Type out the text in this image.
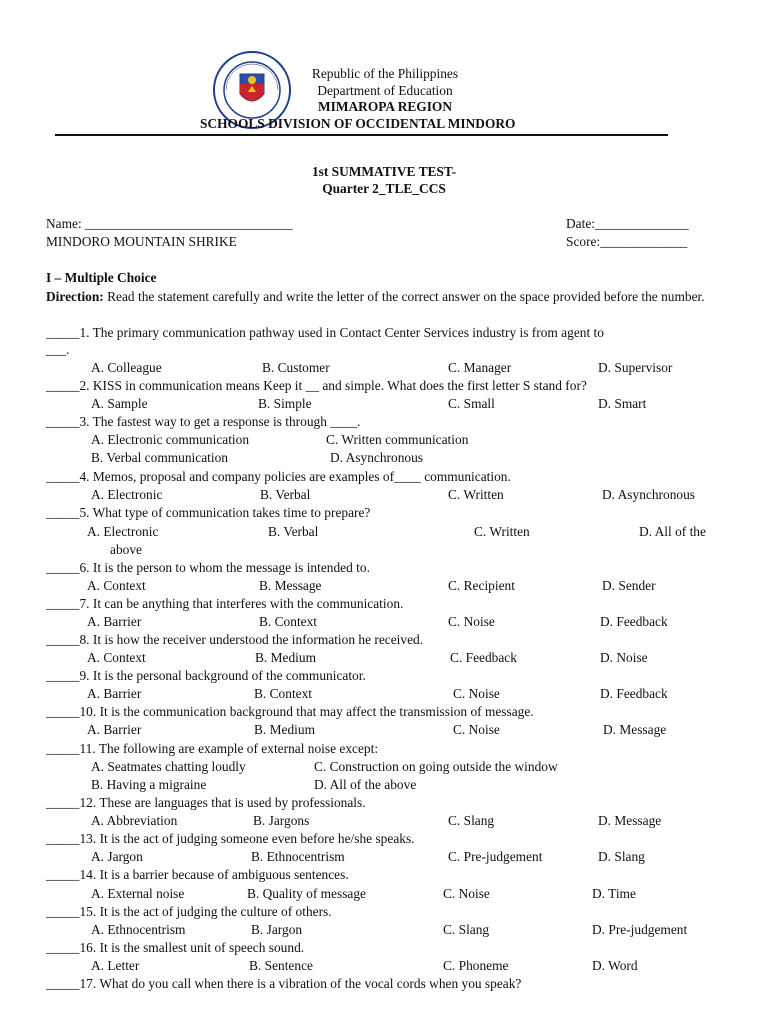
Republic of the Philippines
Department of Education
MIMAROPA REGION
SCHOOLS DIVISION OF OCCIDENTAL MINDORO
1st SUMMATIVE TEST-
Quarter 2_TLE_CCS
Name: _______________________________	Date:______________
MINDORO MOUNTAIN SHRIKE	Score:_____________
I – Multiple Choice
Direction: Read the statement carefully and write the letter of the correct answer on the space provided before the number.
_____1. The primary communication pathway used in Contact Center Services industry is from agent to
___.
A. Colleague	B. Customer	C. Manager	D. Supervisor
_____2. KISS in communication means Keep it __ and simple. What does the first letter S stand for?
A. Sample	B. Simple	C. Small	D. Smart
_____3. The fastest way to get a response is through ____.
A. Electronic communication	C. Written communication
B. Verbal communication	D. Asynchronous
_____4. Memos, proposal and company policies are examples of____ communication.
A. Electronic	B. Verbal	C. Written	D. Asynchronous
_____5. What type of communication takes time to prepare?
A. Electronic	B. Verbal	C. Written	D. All of the
above
_____6. It is the person to whom the message is intended to.
A. Context	B. Message	C. Recipient	D. Sender
_____7. It can be anything that interferes with the communication.
A. Barrier	B. Context	C. Noise	D. Feedback
_____8. It is how the receiver understood the information he received.
A. Context	B. Medium	C. Feedback	D. Noise
_____9. It is the personal background of the communicator.
A. Barrier	B. Context	C. Noise	D. Feedback
_____10. It is the communication background that may affect the transmission of message.
A. Barrier	B. Medium	C. Noise	D. Message
_____11. The following are example of external noise except:
A. Seatmates chatting loudly	C. Construction on going outside the window
B. Having a migraine	D. All of the above
_____12. These are languages that is used by professionals.
A. Abbreviation	B. Jargons	C. Slang	D. Message
_____13. It is the act of judging someone even before he/she speaks.
A. Jargon	B. Ethnocentrism	C. Pre-judgement	D. Slang
_____14. It is a barrier because of ambiguous sentences.
A. External noise	B. Quality of message	C. Noise	D. Time
_____15. It is the act of judging the culture of others.
A. Ethnocentrism	B. Jargon	C. Slang	D. Pre-judgement
_____16. It is the smallest unit of speech sound.
A. Letter	B. Sentence	C. Phoneme	D. Word
_____17. What do you call when there is a vibration of the vocal cords when you speak?
